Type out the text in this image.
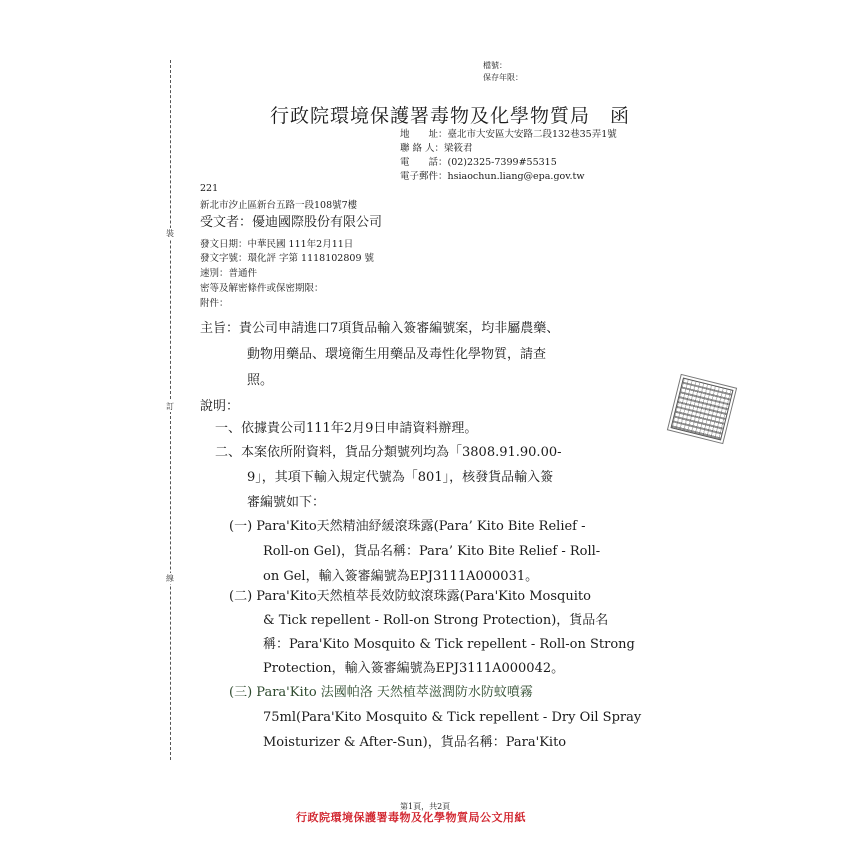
裝
訂
線
檔號：
保存年限：
行政院環境保護署毒物及化學物質局　函
地　　址：臺北市大安區大安路二段132巷35弄1號
聯 絡 人：梁筱君
電　　話：(02)2325-7399#55315
電子郵件：hsiaochun.liang@epa.gov.tw
221
新北市汐止區新台五路一段108號7樓
受文者：優迪國際股份有限公司
發文日期：中華民國 111年2月11日
發文字號：環化評 字第 1118102809 號
速別：普通件
密等及解密條件或保密期限：
附件：
主旨：貴公司申請進口7項貨品輸入簽審編號案，均非屬農藥、
動物用藥品、環境衛生用藥品及毒性化學物質，請查
照。
說明：
一、依據貴公司111年2月9日申請資料辦理。
二、本案依所附資料，貨品分類號列均為「3808.91.90.00-
9」，其項下輸入規定代號為「801」，核發貨品輸入簽
審編號如下：
(一) Para'Kito天然精油紓緩滾珠露(Para’ Kito Bite Relief -
Roll-on Gel)，貨品名稱：Para’ Kito Bite Relief - Roll-
on Gel，輸入簽審編號為EPJ3111A000031。
(二) Para'Kito天然植萃長效防蚊滾珠露(Para'Kito Mosquito
& Tick repellent - Roll-on Strong Protection)，貨品名
稱：Para'Kito Mosquito & Tick repellent - Roll-on Strong
Protection，輸入簽審編號為EPJ3111A000042。
(三) Para'Kito 法國帕洛 天然植萃滋潤防水防蚊噴霧
75ml(Para'Kito Mosquito & Tick repellent - Dry Oil Spray
Moisturizer & After-Sun)，貨品名稱：Para'Kito
第1頁，共2頁
行政院環境保護署毒物及化學物質局公文用紙
